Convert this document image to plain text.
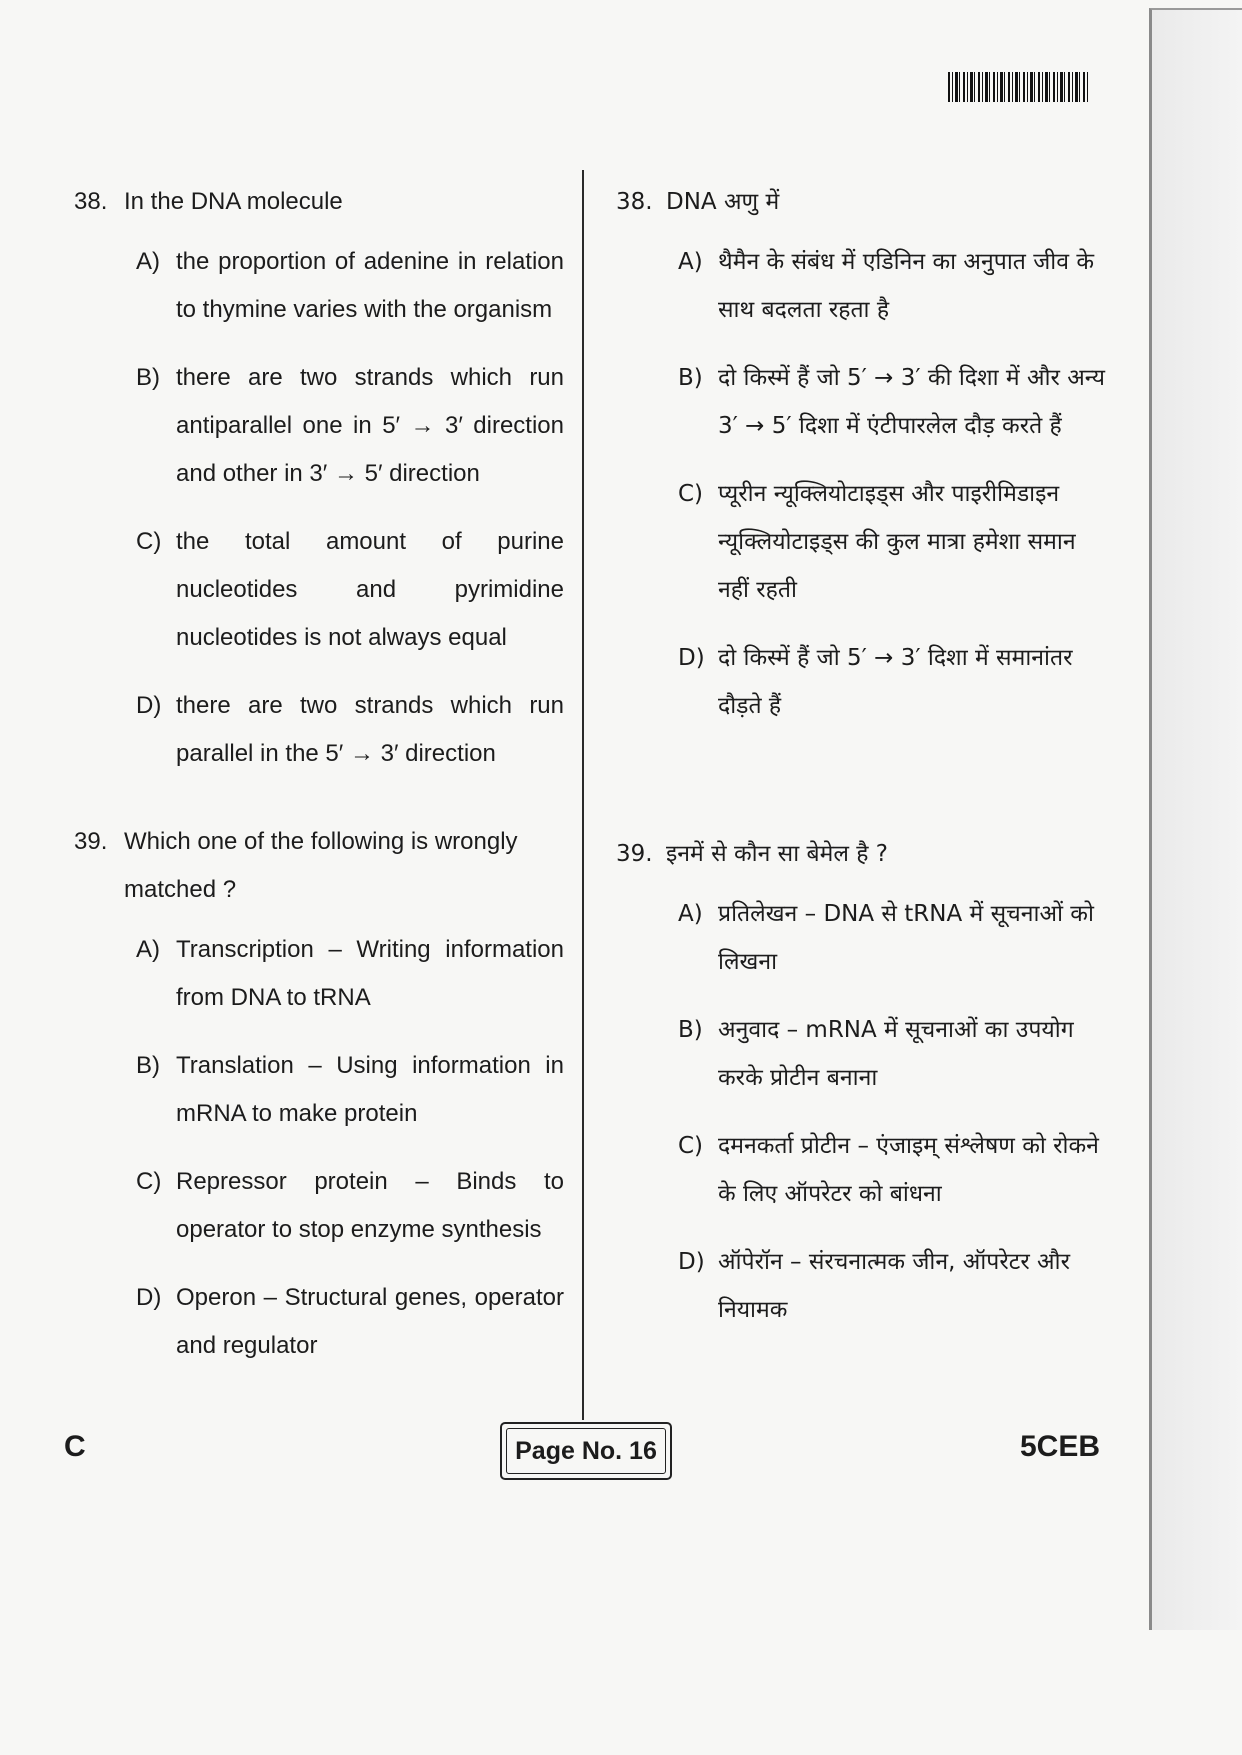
38. In the DNA molecule
A) the proportion of adenine in relation to thymine varies with the organism
B) there are two strands which run antiparallel one in 5′ → 3′ direction and other in 3′ → 5′ direction
C) the total amount of purine nucleotides and pyrimidine nucleotides is not always equal
D) there are two strands which run parallel in the 5′ → 3′ direction
39. Which one of the following is wrongly matched ?
A) Transcription – Writing information from DNA to tRNA
B) Translation – Using information in mRNA to make protein
C) Repressor protein – Binds to operator to stop enzyme synthesis
D) Operon – Structural genes, operator and regulator
38. DNA अणु में
A) थैमैन के संबंध में एडिनिन का अनुपात जीव के साथ बदलता रहता है
B) दो किस्में हैं जो 5′ → 3′ की दिशा में और अन्य 3′ → 5′ दिशा में एंटीपारलेल दौड़ करते हैं
C) प्यूरीन न्यूक्लियोटाइड्स और पाइरीमिडाइन न्यूक्लियोटाइड्स की कुल मात्रा हमेशा समान नहीं रहती
D) दो किस्में हैं जो 5′ → 3′ दिशा में समानांतर दौड़ते हैं
39. इनमें से कौन सा बेमेल है ?
A) प्रतिलेखन – DNA से tRNA में सूचनाओं को लिखना
B) अनुवाद – mRNA में सूचनाओं का उपयोग करके प्रोटीन बनाना
C) दमनकर्ता प्रोटीन – एंजाइम् संश्लेषण को रोकने के लिए ऑपरेटर को बांधना
D) ऑपेरॉन – संरचनात्मक जीन, ऑपरेटर और नियामक
C	Page No. 16	5CEB
